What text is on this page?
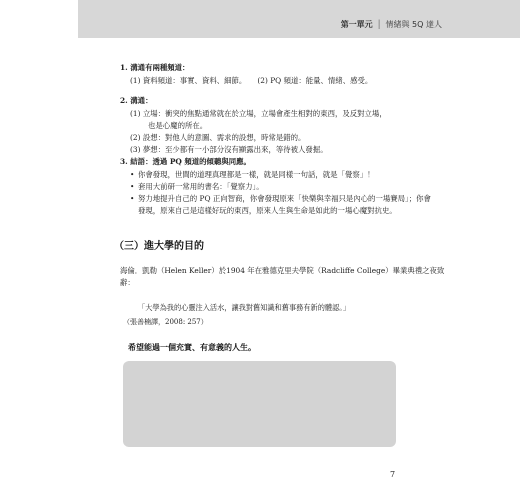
第一單元 │ 情緒與 5Q 達人
1. 溝通有兩種頻道：
(1) 資料頻道：事實、資料、細節。　　(2) PQ 頻道：能量、情緒、感受。
2. 溝通：
(1) 立場：衝突的焦點通常就在於立場，立場會產生相對的東西，及反對立場，
也是心魔的所在。
(2) 設想：對他人的意圖、需求的設想，時常是錯的。
(3) 夢想：至少都有一小部分沒有顯露出來，等待被人發掘。
3. 結語：透過 PQ 頻道的傾聽與同應。
• 你會發現，世間的道理真理都是一樣，就是同樣一句話，就是「覺察」！
• 套用大前研一常用的書名：「覺察力」。
• 努力地提升自己的 PQ 正向智商，你會發現原來「快樂與幸福只是內心的一場賽局」；你會發現，原來自己是這樣好玩的東西，原來人生與生命是如此的一場心魔對抗史。
（三）進大學的目的
海倫．凱勒（Helen Keller）於1904 年在雅德克里夫學院（Radcliffe College）畢業典禮之夜致辭：
「大學為我的心靈注入活水，讓我對舊知識和舊事務有新的體認。」
（張善楠譯，2008: 257）
希望能過一個充實、有意義的人生。
7
